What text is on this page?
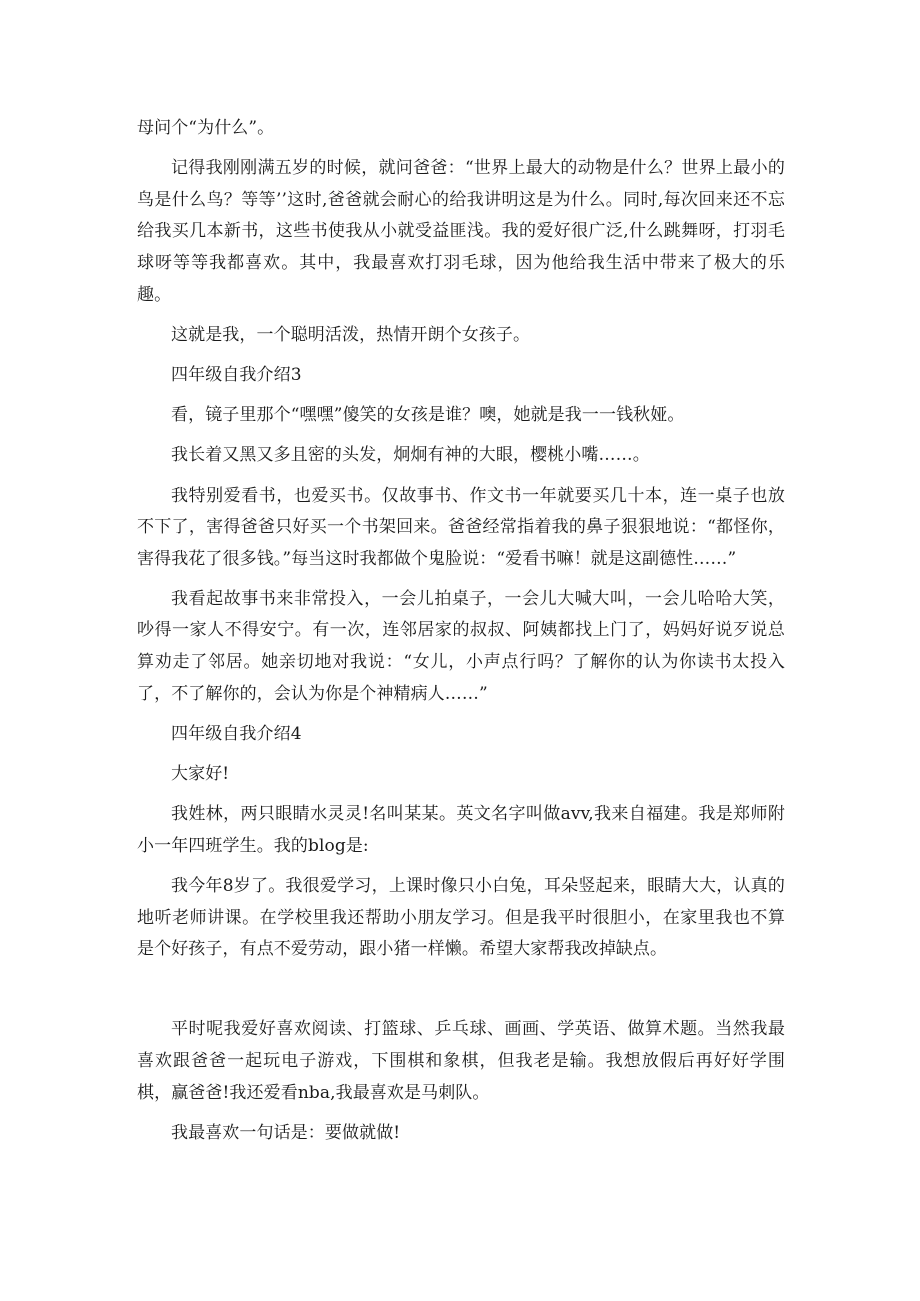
母问个“为什么”。

记得我刚刚满五岁的时候，就问爸爸：“世界上最大的动物是什么？世界上最小的鸟是什么鸟？等等’’这时,爸爸就会耐心的给我讲明这是为什么。同时,每次回来还不忘给我买几本新书，这些书使我从小就受益匪浅。我的爱好很广泛,什么跳舞呀，打羽毛球呀等等我都喜欢。其中，我最喜欢打羽毛球，因为他给我生活中带来了极大的乐趣。

这就是我，一个聪明活泼，热情开朗个女孩子。

四年级自我介绍3

看，镜子里那个“嘿嘿”傻笑的女孩是谁？噢，她就是我一一钱秋娅。

我长着又黑又多且密的头发，炯炯有神的大眼，樱桃小嘴……。

我特别爱看书，也爱买书。仅故事书、作文书一年就要买几十本，连一桌子也放不下了，害得爸爸只好买一个书架回来。爸爸经常指着我的鼻子狠狠地说：“都怪你，害得我花了很多钱。”每当这时我都做个鬼脸说：“爱看书嘛！就是这副德性……”

我看起故事书来非常投入，一会儿拍桌子，一会儿大喊大叫，一会儿哈哈大笑，吵得一家人不得安宁。有一次，连邻居家的叔叔、阿姨都找上门了，妈妈好说歹说总算劝走了邻居。她亲切地对我说：“女儿，小声点行吗？了解你的认为你读书太投入了，不了解你的，会认为你是个神精病人……”

四年级自我介绍4

大家好!

我姓林，两只眼睛水灵灵!名叫某某。英文名字叫做avv,我来自福建。我是郑师附小一年四班学生。我的blog是:

我今年8岁了。我很爱学习，上课时像只小白兔，耳朵竖起来，眼睛大大，认真的地听老师讲课。在学校里我还帮助小朋友学习。但是我平时很胆小，在家里我也不算是个好孩子，有点不爱劳动，跟小猪一样懒。希望大家帮我改掉缺点。

平时呢我爱好喜欢阅读、打篮球、乒乓球、画画、学英语、做算术题。当然我最喜欢跟爸爸一起玩电子游戏，下围棋和象棋，但我老是输。我想放假后再好好学围棋，赢爸爸!我还爱看nba,我最喜欢是马刺队。

我最喜欢一句话是：要做就做!
